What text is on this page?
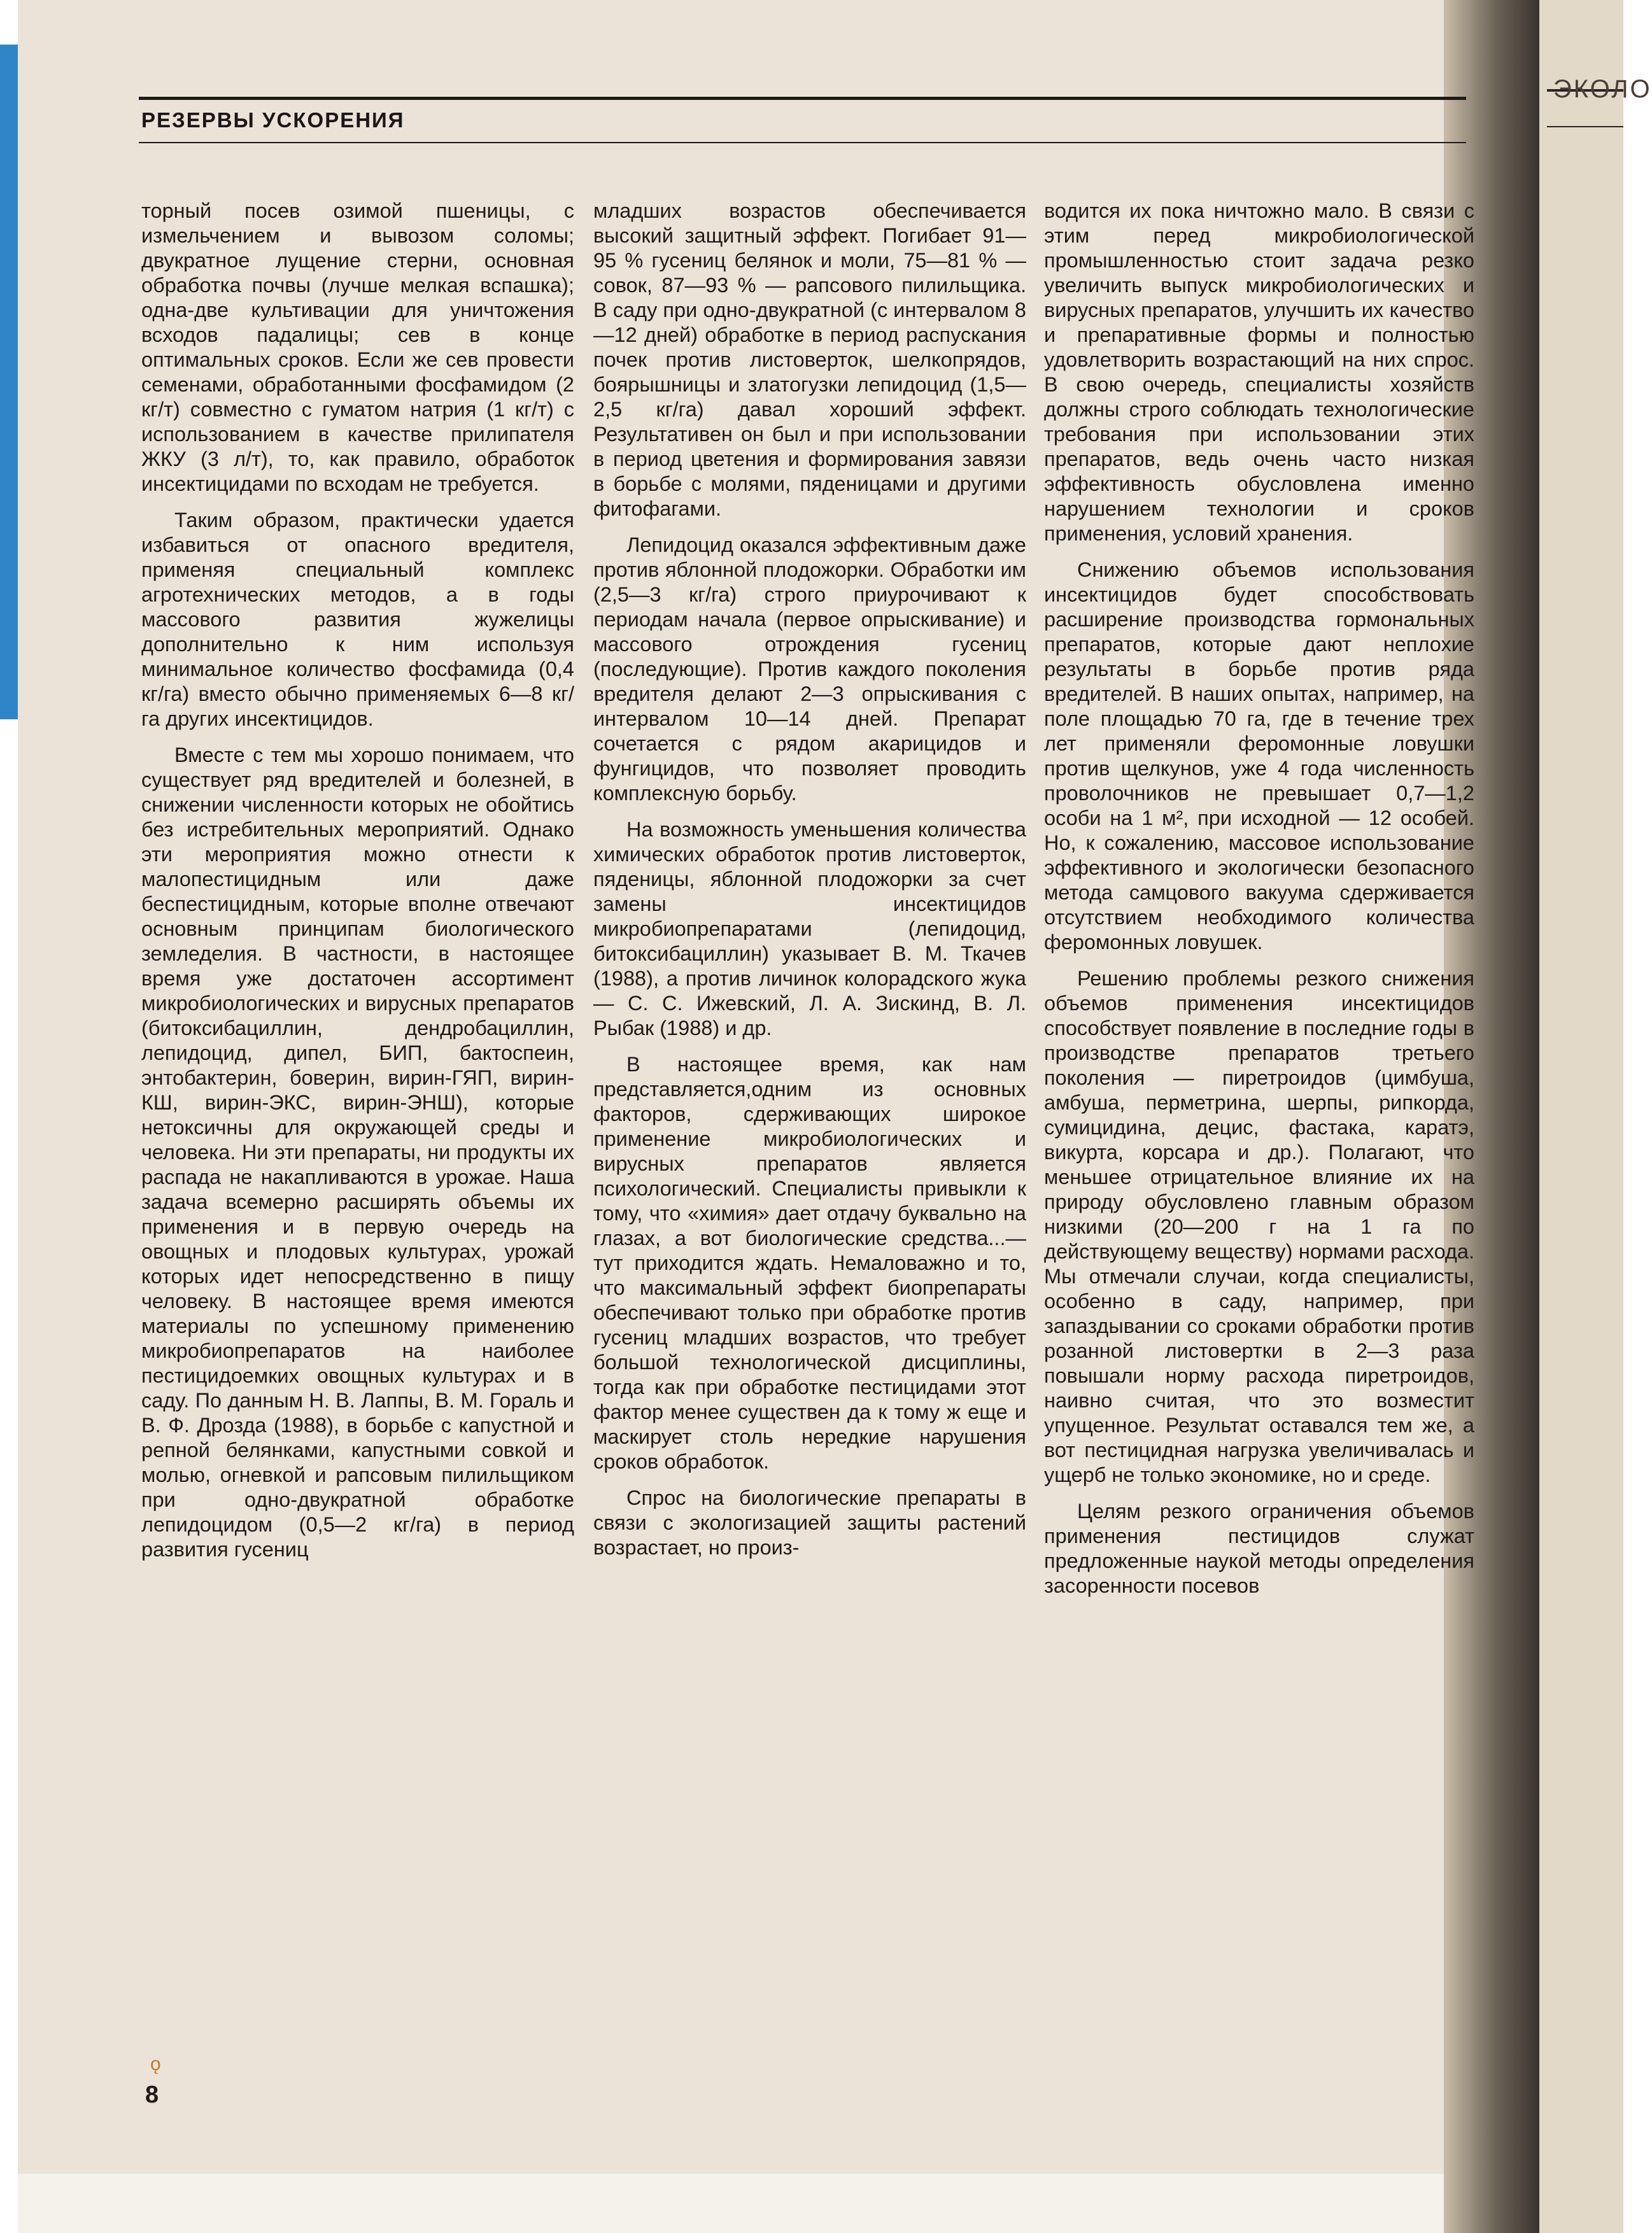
ЭКОЛО
РЕЗЕРВЫ УСКОРЕНИЯ

торный посев озимой пшеницы, с измельчением и вывозом соломы; двукратное лущение стерни, основная обработка почвы (лучше мелкая вспашка); одна-две культивации для уничтожения всходов падалицы; сев в конце оптимальных сроков. Если же сев провести семенами, обработанными фосфамидом (2 кг/т) совместно с гуматом натрия (1 кг/т) с использованием в качестве прилипателя ЖКУ (3 л/т), то, как правило, обработок инсектицидами по всходам не требуется.

Таким образом, практически удается избавиться от опасного вредителя, применяя специальный комплекс агротехнических методов, а в годы массового развития жужелицы дополнительно к ним используя минимальное количество фосфамида (0,4 кг/га) вместо обычно применяемых 6—8 кг/га других инсектицидов.

Вместе с тем мы хорошо понимаем, что существует ряд вредителей и болезней, в снижении численности которых не обойтись без истребительных мероприятий. Однако эти мероприятия можно отнести к малопестицидным или даже беспестицидным, которые вполне отвечают основным принципам биологического земледелия. В частности, в настоящее время уже достаточен ассортимент микробиологических и вирусных препаратов (битоксибациллин, дендробациллин, лепидоцид, дипел, БИП, бактоспеин, энтобактерин, боверин, вирин-ГЯП, вирин-КШ, вирин-ЭКС, вирин-ЭНШ), которые нетоксичны для окружающей среды и человека. Ни эти препараты, ни продукты их распада не накапливаются в урожае. Наша задача всемерно расширять объемы их применения и в первую очередь на овощных и плодовых культурах, урожай которых идет непосредственно в пищу человеку. В настоящее время имеются материалы по успешному применению микробиопрепаратов на наиболее пестицидоемких овощных культурах и в саду. По данным Н. В. Лаппы, В. М. Гораль и В. Ф. Дрозда (1988), в борьбе с капустной и репной белянками, капустными совкой и молью, огневкой и рапсовым пилильщиком при одно-двукратной обработке лепидоцидом (0,5—2 кг/га) в период развития гусениц

младших возрастов обеспечивается высокий защитный эффект. Погибает 91—95 % гусениц белянок и моли, 75—81 % — совок, 87—93 % — рапсового пилильщика. В саду при одно-двукратной (с интервалом 8—12 дней) обработке в период распускания почек против листоверток, шелкопрядов, боярышницы и златогузки лепидоцид (1,5—2,5 кг/га) давал хороший эффект. Результативен он был и при использовании в период цветения и формирования завязи в борьбе с молями, пяденицами и другими фитофагами.

Лепидоцид оказался эффективным даже против яблонной плодожорки. Обработки им (2,5—3 кг/га) строго приурочивают к периодам начала (первое опрыскивание) и массового отрождения гусениц (последующие). Против каждого поколения вредителя делают 2—3 опрыскивания с интервалом 10—14 дней. Препарат сочетается с рядом акарицидов и фунгицидов, что позволяет проводить комплексную борьбу.

На возможность уменьшения количества химических обработок против листоверток, пяденицы, яблонной плодожорки за счет замены инсектицидов микробиопрепаратами (лепидоцид, битоксибациллин) указывает В. М. Ткачев (1988), а против личинок колорадского жука — С. С. Ижевский, Л. А. Зискинд, В. Л. Рыбак (1988) и др.

В настоящее время, как нам представляется,одним из основных факторов, сдерживающих широкое применение микробиологических и вирусных препаратов является психологический. Специалисты привыкли к тому, что «химия» дает отдачу буквально на глазах, а вот биологические средства...— тут приходится ждать. Немаловажно и то, что максимальный эффект биопрепараты обеспечивают только при обработке против гусениц младших возрастов, что требует большой технологической дисциплины, тогда как при обработке пестицидами этот фактор менее существен да к тому ж еще и маскирует столь нередкие нарушения сроков обработок.

Спрос на биологические препараты в связи с экологизацией защиты растений возрастает, но произ-

водится их пока ничтожно мало. В связи с этим перед микробиологической промышленностью стоит задача резко увеличить выпуск микробиологических и вирусных препаратов, улучшить их качество и препаративные формы и полностью удовлетворить возрастающий на них спрос. В свою очередь, специалисты хозяйств должны строго соблюдать технологические требования при использовании этих препаратов, ведь очень часто низкая эффективность обусловлена именно нарушением технологии и сроков применения, условий хранения.

Снижению объемов использования инсектицидов будет способствовать расширение производства гормональных препаратов, которые дают неплохие результаты в борьбе против ряда вредителей. В наших опытах, например, на поле площадью 70 га, где в течение трех лет применяли феромонные ловушки против щелкунов, уже 4 года численность проволочников не превышает 0,7—1,2 особи на 1 м², при исходной — 12 особей. Но, к сожалению, массовое использование эффективного и экологически безопасного метода самцового вакуума сдерживается отсутствием необходимого количества феромонных ловушек.

Решению проблемы резкого снижения объемов применения инсектицидов способствует появление в последние годы в производстве препаратов третьего поколения — пиретроидов (цимбуша, амбуша, перметрина, шерпы, рипкорда, сумицидина, децис, фастака, каратэ, викурта, корсара и др.). Полагают, что меньшее отрицательное влияние их на природу обусловлено главным образом низкими (20—200 г на 1 га по действующему веществу) нормами расхода. Мы отмечали случаи, когда специалисты, особенно в саду, например, при запаздывании со сроками обработки против розанной листовертки в 2—3 раза повышали норму расхода пиретроидов, наивно считая, что это возместит упущенное. Результат оставался тем же, а вот пестицидная нагрузка увеличивалась и ущерб не только экономике, но и среде.

Целям резкого ограничения объемов применения пестицидов служат предложенные наукой методы определения засоренности посевов

ǫ
8
